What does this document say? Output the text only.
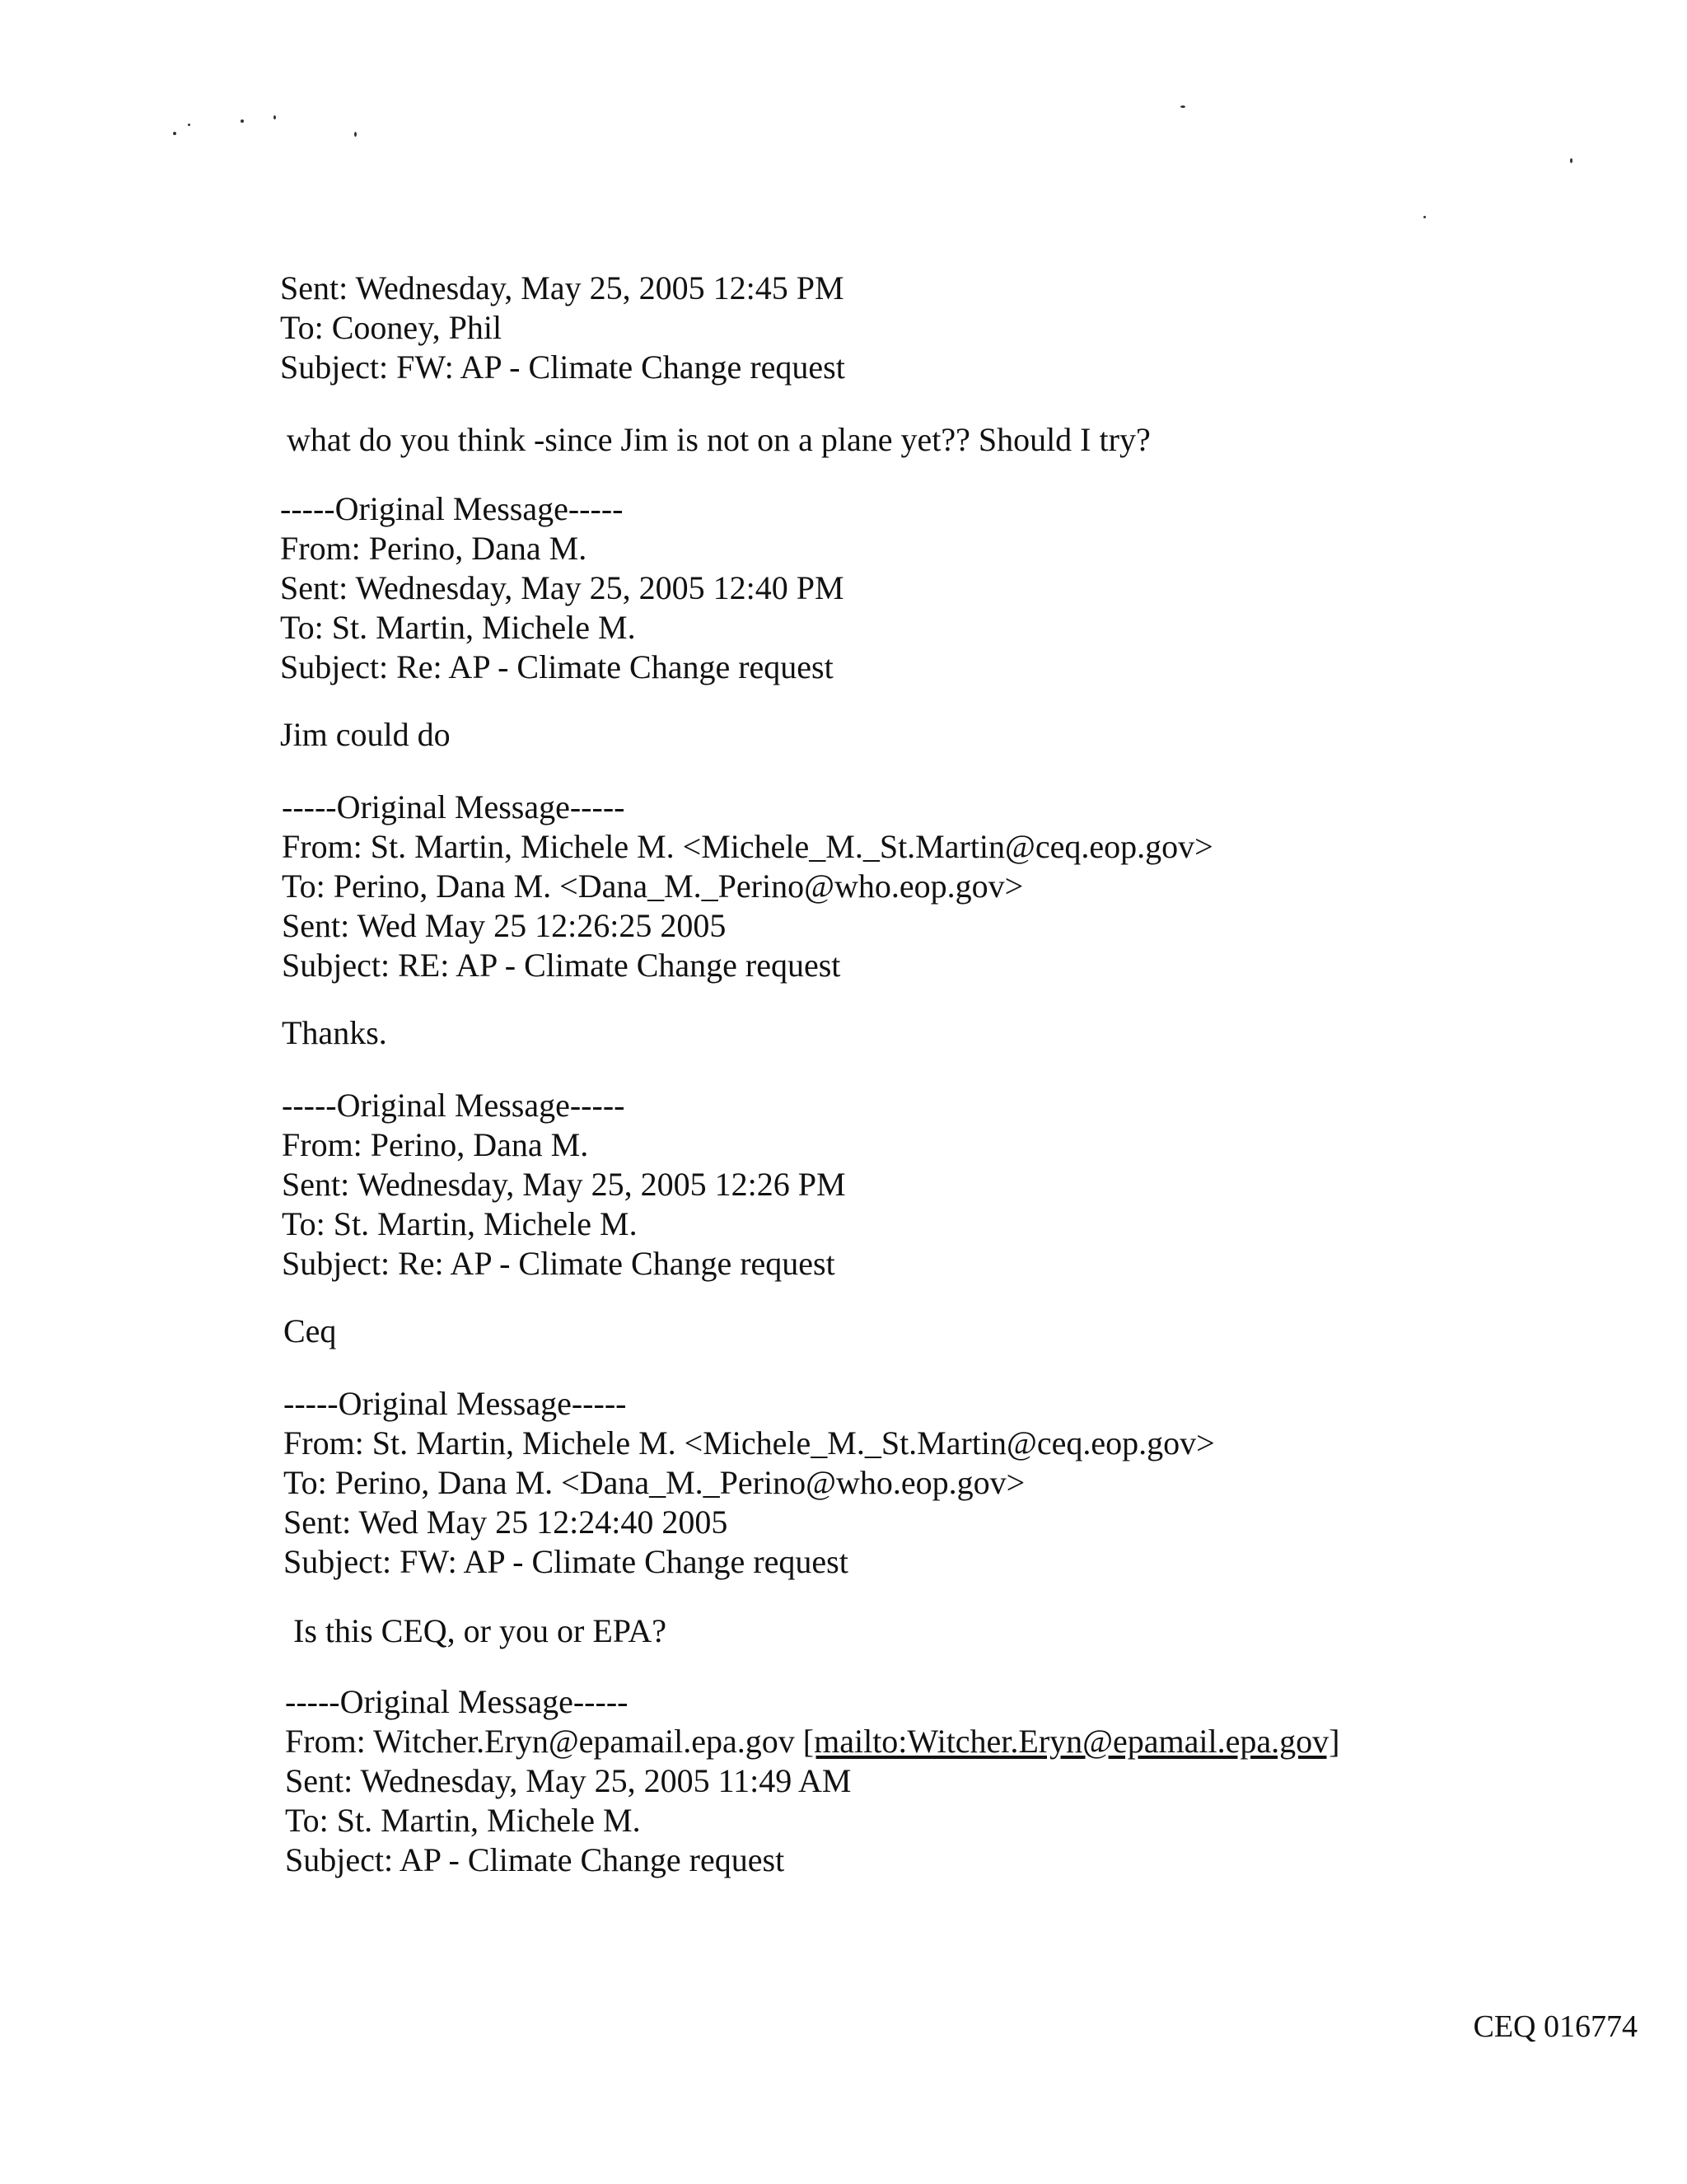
Sent: Wednesday, May 25, 2005 12:45 PM
To: Cooney, Phil
Subject: FW: AP - Climate Change request
what do you think -since Jim is not on a plane yet?? Should I try?
-----Original Message-----
From: Perino, Dana M.
Sent: Wednesday, May 25, 2005 12:40 PM
To: St. Martin, Michele M.
Subject: Re: AP - Climate Change request
Jim could do
-----Original Message-----
From: St. Martin, Michele M. <Michele_M._St.Martin@ceq.eop.gov>
To: Perino, Dana M. <Dana_M._Perino@who.eop.gov>
Sent: Wed May 25 12:26:25 2005
Subject: RE: AP - Climate Change request
Thanks.
-----Original Message-----
From: Perino, Dana M.
Sent: Wednesday, May 25, 2005 12:26 PM
To: St. Martin, Michele M.
Subject: Re: AP - Climate Change request
Ceq
-----Original Message-----
From: St. Martin, Michele M. <Michele_M._St.Martin@ceq.eop.gov>
To: Perino, Dana M. <Dana_M._Perino@who.eop.gov>
Sent: Wed May 25 12:24:40 2005
Subject: FW: AP - Climate Change request
Is this CEQ, or you or EPA?
-----Original Message-----
From: Witcher.Eryn@epamail.epa.gov [mailto:Witcher.Eryn@epamail.epa.gov]
Sent: Wednesday, May 25, 2005 11:49 AM
To: St. Martin, Michele M.
Subject: AP - Climate Change request
CEQ 016774
